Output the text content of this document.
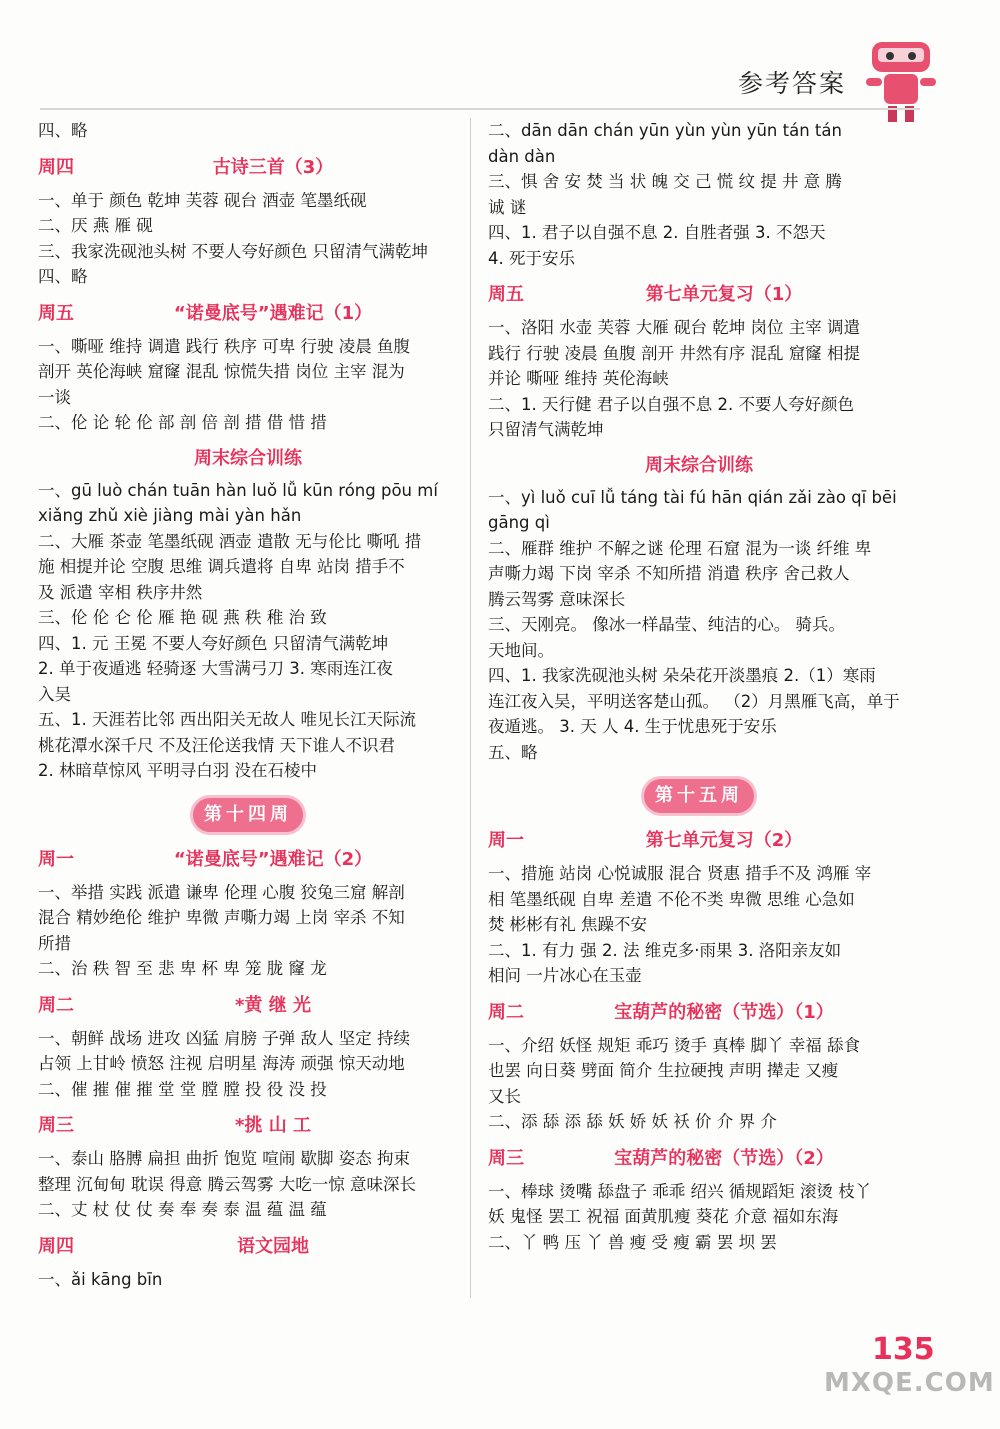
参考答案
四、略
周四	古诗三首（3）
一、单于 颜色 乾坤 芙蓉 砚台 酒壶 笔墨纸砚
二、厌 燕 雁 砚
三、我家洗砚池头树 不要人夸好颜色 只留清气满乾坤
四、略
周五	“诺曼底号”遇难记（1）
一、嘶哑 维持 调遣 践行 秩序 可卑 行驶 凌晨 鱼腹
剖开 英伦海峡 窟窿 混乱 惊慌失措 岗位 主宰 混为
一谈
二、伦 论 轮 伦 部 剖 倍 剖 措 借 惜 措
周末综合训练
一、gū luò chán tuān hàn luǒ lǚ kūn róng pōu mí
xiǎng zhǔ xiè jiàng mài yàn hǎn
二、大雁 茶壶 笔墨纸砚 酒壶 遣散 无与伦比 嘶吼 措
施 相提并论 空腹 思维 调兵遣将 自卑 站岗 措手不
及 派遣 宰相 秩序井然
三、伦 伦 仑 伦 雁 艳 砚 燕 秩 稚 治 致
四、1. 元 王冕 不要人夸好颜色 只留清气满乾坤
2. 单于夜遁逃 轻骑逐 大雪满弓刀 3. 寒雨连江夜
入吴
五、1. 天涯若比邻 西出阳关无故人 唯见长江天际流
桃花潭水深千尺 不及汪伦送我情 天下谁人不识君
2. 林暗草惊风 平明寻白羽 没在石棱中
第十四周
周一	“诺曼底号”遇难记（2）
一、举措 实践 派遣 谦卑 伦理 心腹 狡兔三窟 解剖
混合 精妙绝伦 维护 卑微 声嘶力竭 上岗 宰杀 不知
所措
二、治 秩 智 至 悲 卑 杯 卑 笼 胧 窿 龙
周二	*黄 继 光
一、朝鲜 战场 进攻 凶猛 肩膀 子弹 敌人 坚定 持续
占领 上甘岭 愤怒 注视 启明星 海涛 顽强 惊天动地
二、催 摧 催 摧 堂 堂 膛 膛 投 役 没 投
周三	*挑 山 工
一、泰山 胳膊 扁担 曲折 饱览 喧闹 歇脚 姿态 拘束
整理 沉甸甸 耽误 得意 腾云驾雾 大吃一惊 意味深长
二、丈 杖 仗 仗 奏 奉 奏 泰 温 蕴 温 蕴
周四	语文园地
一、ǎi kāng bīn
二、dān dān chán yūn yùn yùn yūn tán tán
dàn dàn
三、惧 舍 安 焚 当 状 魄 交 己 慌 纹 提 井 意 腾
诚 谜
四、1. 君子以自强不息 2. 自胜者强 3. 不怨天
4. 死于安乐
周五	第七单元复习（1）
一、洛阳 水壶 芙蓉 大雁 砚台 乾坤 岗位 主宰 调遣
践行 行驶 凌晨 鱼腹 剖开 井然有序 混乱 窟窿 相提
并论 嘶哑 维持 英伦海峡
二、1. 天行健 君子以自强不息 2. 不要人夸好颜色
只留清气满乾坤
周末综合训练
一、yì luǒ cuī lǚ táng tài fú hān qián zǎi zào qī bēi
gāng qì
二、雁群 维护 不解之谜 伦理 石窟 混为一谈 纤维 卑
声嘶力竭 下岗 宰杀 不知所措 消遣 秩序 舍己救人
腾云驾雾 意味深长
三、天刚亮。 像冰一样晶莹、纯洁的心。 骑兵。
天地间。
四、1. 我家洗砚池头树 朵朵花开淡墨痕 2.（1）寒雨
连江夜入吴，平明送客楚山孤。 （2）月黑雁飞高，单于
夜遁逃。 3. 天 人 4. 生于忧患死于安乐
五、略
第十五周
周一	第七单元复习（2）
一、措施 站岗 心悦诚服 混合 贤惠 措手不及 鸿雁 宰
相 笔墨纸砚 自卑 差遣 不伦不类 卑微 思维 心急如
焚 彬彬有礼 焦躁不安
二、1. 有力 强 2. 法 维克多·雨果 3. 洛阳亲友如
相问 一片冰心在玉壶
周二	宝葫芦的秘密（节选）（1）
一、介绍 妖怪 规矩 乖巧 烫手 真棒 脚丫 幸福 舔食
也罢 向日葵 劈面 简介 生拉硬拽 声明 撵走 又瘦
又长
二、添 舔 添 舔 妖 娇 妖 袄 价 介 界 介
周三	宝葫芦的秘密（节选）（2）
一、棒球 烫嘴 舔盘子 乖乖 绍兴 循规蹈矩 滚烫 枝丫
妖 鬼怪 罢工 祝福 面黄肌瘦 葵花 介意 福如东海
二、丫 鸭 压 丫 兽 瘦 受 瘦 霸 罢 坝 罢
135
MXQE.COM
